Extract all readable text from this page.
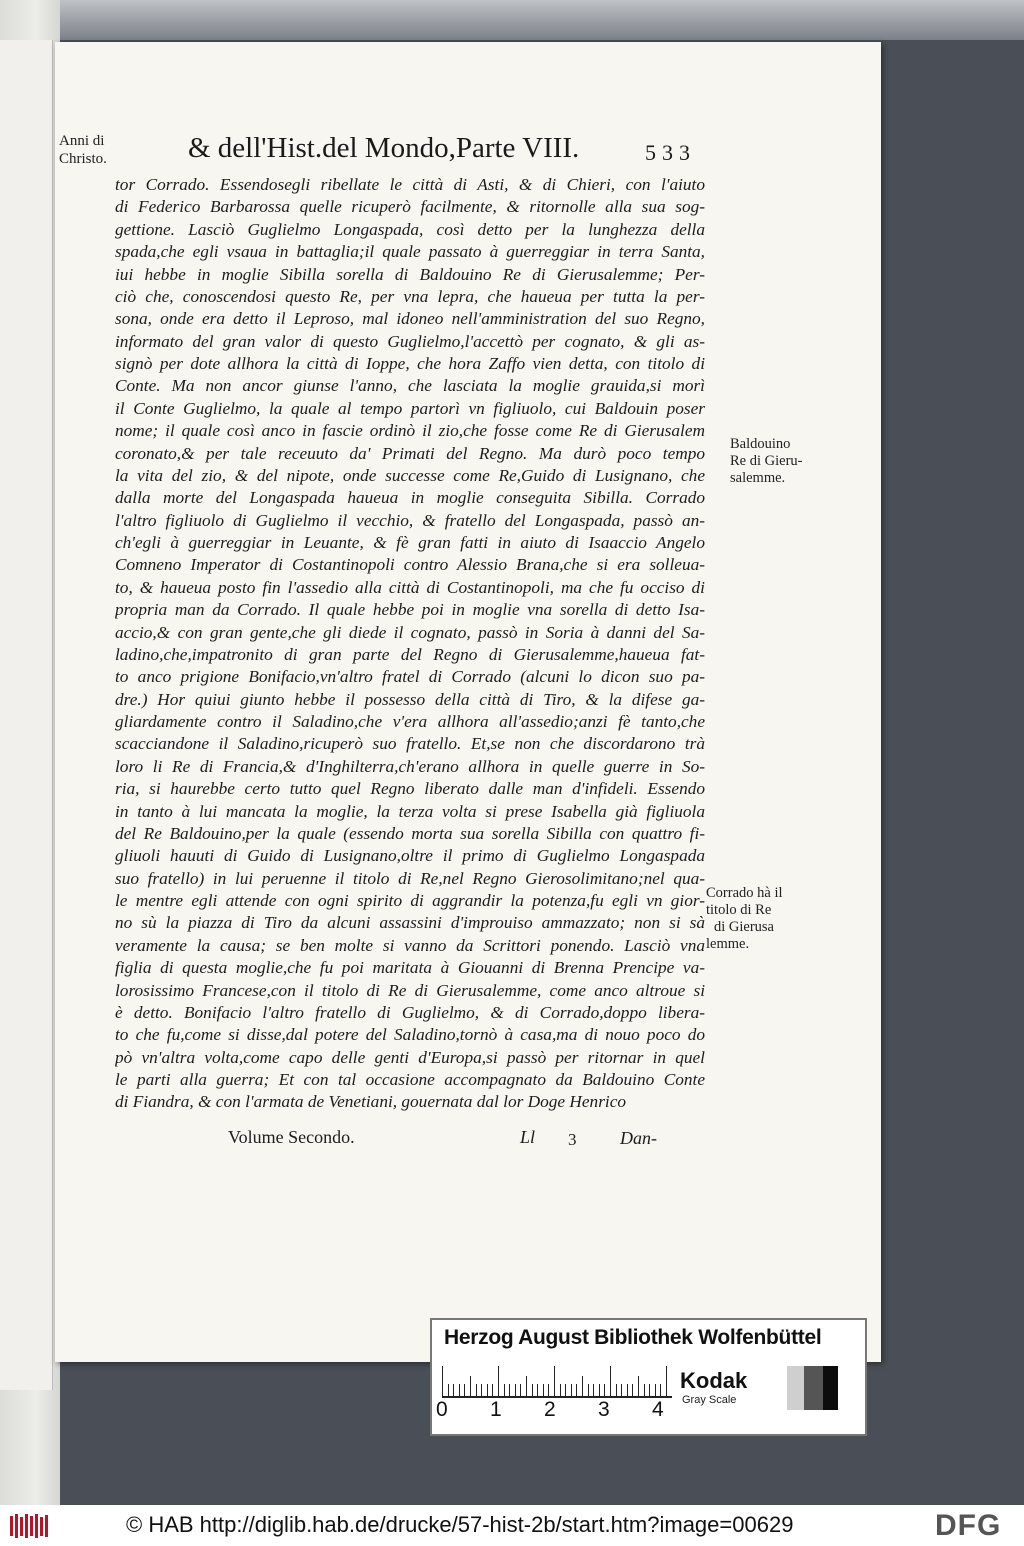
Anni di
Christo.	& dell'Hist.del Mondo,Parte VIII.	533
tor Corrado. Essendosegli ribellate le città di Asti, & di Chieri, con l'aiuto
di Federico Barbarossa quelle ricuperò facilmente, & ritornolle alla sua sog-
gettione. Lasciò Guglielmo Longaspada, così detto per la lunghezza della
spada,che egli vsaua in battaglia;il quale passato à guerreggiar in terra Santa,
iui hebbe in moglie Sibilla sorella di Baldouino Re di Gierusalemme; Per-
ciò che, conoscendosi questo Re, per vna lepra, che haueua per tutta la per-
sona, onde era detto il Leproso, mal idoneo nell'amministration del suo Regno,
informato del gran valor di questo Guglielmo,l'accettò per cognato, & gli as-
signò per dote allhora la città di Ioppe, che hora Zaffo vien detta, con titolo di
Conte. Ma non ancor giunse l'anno, che lasciata la moglie grauida,si morì
il Conte Guglielmo, la quale al tempo partorì vn figliuolo, cui Baldouin poser
nome; il quale così anco in fascie ordinò il zio,che fosse come Re di Gierusalem
coronato,& per tale receuuto da' Primati del Regno. Ma durò poco tempo
la vita del zio, & del nipote, onde successe come Re,Guido di Lusignano, che
dalla morte del Longaspada haueua in moglie conseguita Sibilla. Corrado
l'altro figliuolo di Guglielmo il vecchio, & fratello del Longaspada, passò an-
ch'egli à guerreggiar in Leuante, & fè gran fatti in aiuto di Isaaccio Angelo
Comneno Imperator di Costantinopoli contro Alessio Brana,che si era solleua-
to, & haueua posto fin l'assedio alla città di Costantinopoli, ma che fu occiso di
propria man da Corrado. Il quale hebbe poi in moglie vna sorella di detto Isa-
accio,& con gran gente,che gli diede il cognato, passò in Soria à danni del Sa-
ladino,che,impatronito di gran parte del Regno di Gierusalemme,haueua fat-
to anco prigione Bonifacio,vn'altro fratel di Corrado (alcuni lo dicon suo pa-
dre.) Hor quiui giunto hebbe il possesso della città di Tiro, & la difese ga-
gliardamente contro il Saladino,che v'era allhora all'assedio;anzi fè tanto,che
scacciandone il Saladino,ricuperò suo fratello. Et,se non che discordarono trà
loro li Re di Francia,& d'Inghilterra,ch'erano allhora in quelle guerre in So-
ria, si haurebbe certo tutto quel Regno liberato dalle man d'infideli. Essendo
in tanto à lui mancata la moglie, la terza volta si prese Isabella già figliuola
del Re Baldouino,per la quale (essendo morta sua sorella Sibilla con quattro fi-
gliuoli hauuti di Guido di Lusignano,oltre il primo di Guglielmo Longaspada
suo fratello) in lui peruenne il titolo di Re,nel Regno Gierosolimitano;nel qua-
le mentre egli attende con ogni spirito di aggrandir la potenza,fu egli vn gior-
no sù la piazza di Tiro da alcuni assassini d'improuiso ammazzato; non si sà
veramente la causa; se ben molte si vanno da Scrittori ponendo. Lasciò vna
figlia di questa moglie,che fu poi maritata à Giouanni di Brenna Prencipe va-
lorosissimo Francese,con il titolo di Re di Gierusalemme, come anco altroue si
è detto. Bonifacio l'altro fratello di Guglielmo, & di Corrado,doppo libera-
to che fu,come si disse,dal potere del Saladino,tornò à casa,ma di nouo poco do
pò vn'altra volta,come capo delle genti d'Europa,si passò per ritornar in quel
le parti alla guerra; Et con tal occasione accompagnato da Baldouino Conte
di Fiandra, & con l'armata de Venetiani, gouernata dal lor Doge Henrico
Baldouino
Re di Gieru-
salemme.
Corrado hà il
titolo di Re
di Gierusa
lemme.
Volume Secondo.	Ll 3 Dan-
Herzog August Bibliothek Wolfenbüttel
0 1 2 3 4
Kodak
Gray Scale
© HAB http://diglib.hab.de/drucke/57-hist-2b/start.htm?image=00629	DFG
